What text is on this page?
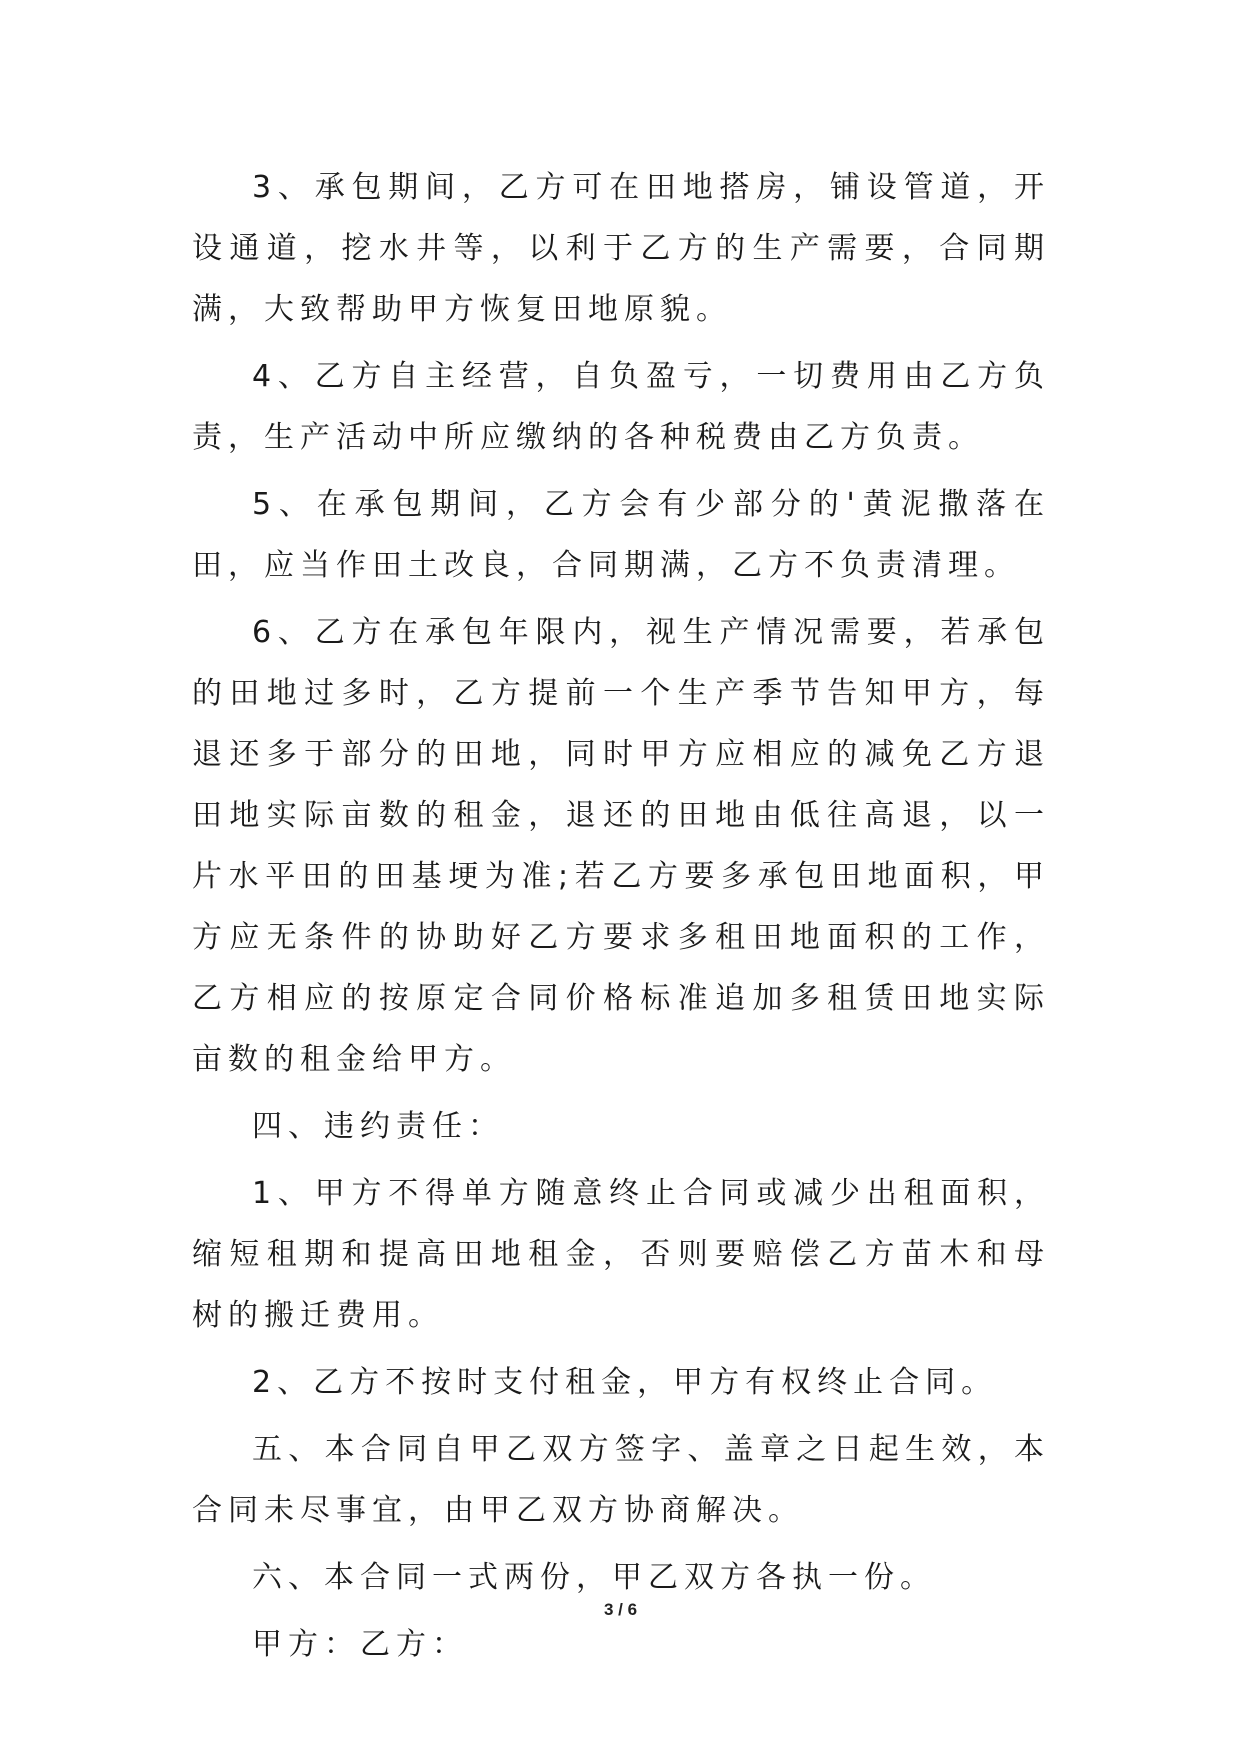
3、承包期间，乙方可在田地搭房，铺设管道，开设通道，挖水井等，以利于乙方的生产需要，合同期满，大致帮助甲方恢复田地原貌。

4、乙方自主经营，自负盈亏，一切费用由乙方负责，生产活动中所应缴纳的各种税费由乙方负责。

5、在承包期间，乙方会有少部分的'黄泥撒落在田，应当作田土改良，合同期满，乙方不负责清理。

6、乙方在承包年限内，视生产情况需要，若承包的田地过多时，乙方提前一个生产季节告知甲方，每退还多于部分的田地，同时甲方应相应的减免乙方退田地实际亩数的租金，退还的田地由低往高退，以一片水平田的田基埂为准;若乙方要多承包田地面积，甲方应无条件的协助好乙方要求多租田地面积的工作，乙方相应的按原定合同价格标准追加多租赁田地实际亩数的租金给甲方。

四、违约责任：

1、甲方不得单方随意终止合同或减少出租面积，缩短租期和提高田地租金，否则要赔偿乙方苗木和母树的搬迁费用。

2、乙方不按时支付租金，甲方有权终止合同。

五、本合同自甲乙双方签字、盖章之日起生效，本合同未尽事宜，由甲乙双方协商解决。

六、本合同一式两份，甲乙双方各执一份。

甲方：乙方：

3 / 6
